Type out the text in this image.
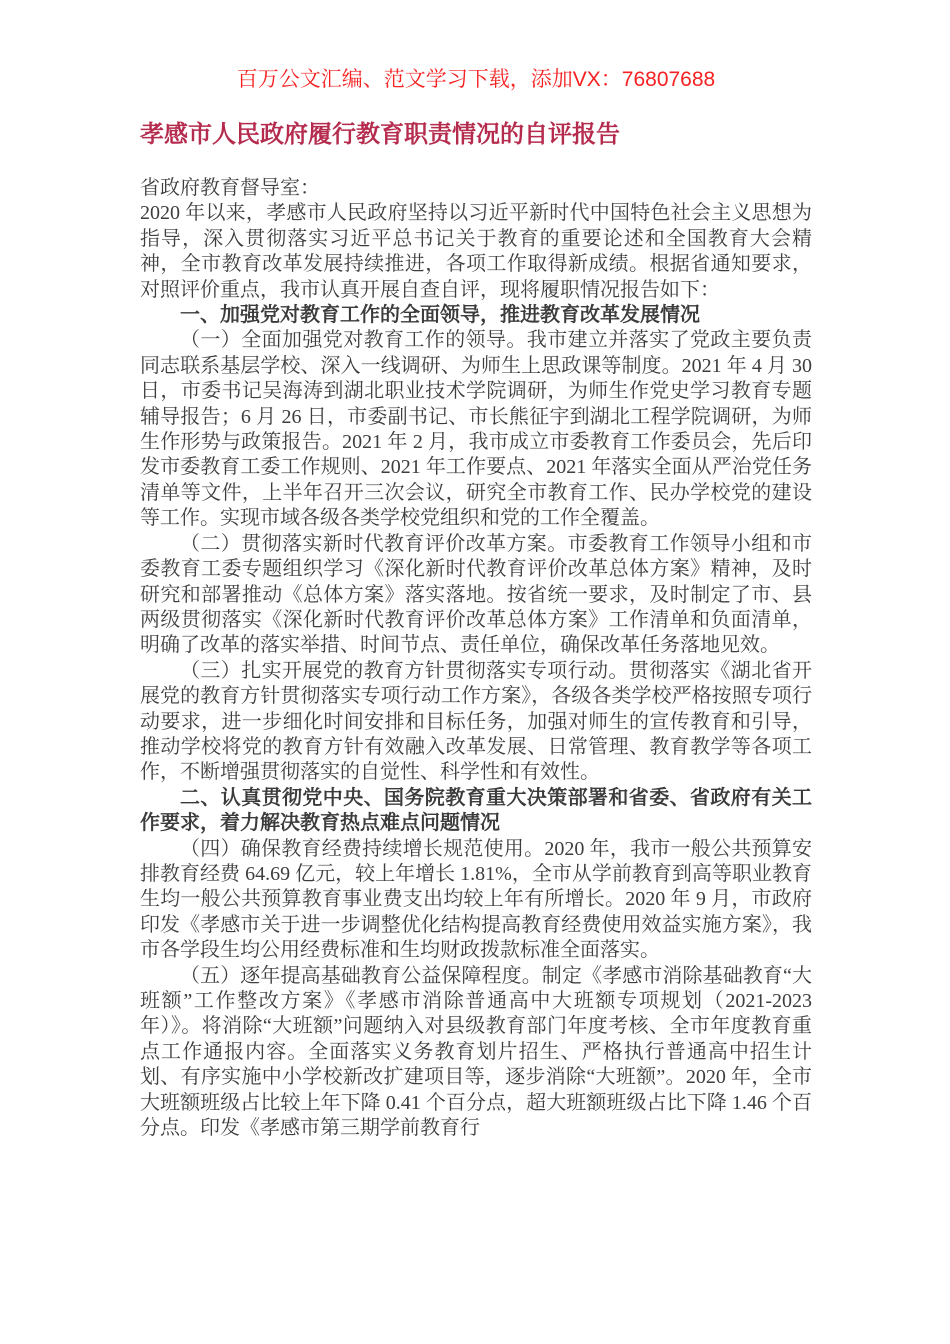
百万公文汇编、范文学习下载，添加VX：76807688
孝感市人民政府履行教育职责情况的自评报告
省政府教育督导室：

2020 年以来，孝感市人民政府坚持以习近平新时代中国特色社会主义思想为指导，深入贯彻落实习近平总书记关于教育的重要论述和全国教育大会精神，全市教育改革发展持续推进，各项工作取得新成绩。根据省通知要求，对照评价重点，我市认真开展自查自评，现将履职情况报告如下：

一、加强党对教育工作的全面领导，推进教育改革发展情况

（一）全面加强党对教育工作的领导。我市建立并落实了党政主要负责同志联系基层学校、深入一线调研、为师生上思政课等制度。2021 年 4 月 30 日，市委书记吴海涛到湖北职业技术学院调研，为师生作党史学习教育专题辅导报告；6 月 26 日，市委副书记、市长熊征宇到湖北工程学院调研，为师生作形势与政策报告。2021 年 2 月，我市成立市委教育工作委员会，先后印发市委教育工委工作规则、2021 年工作要点、2021 年落实全面从严治党任务清单等文件，上半年召开三次会议，研究全市教育工作、民办学校党的建设等工作。实现市域各级各类学校党组织和党的工作全覆盖。

（二）贯彻落实新时代教育评价改革方案。市委教育工作领导小组和市委教育工委专题组织学习《深化新时代教育评价改革总体方案》精神，及时研究和部署推动《总体方案》落实落地。按省统一要求，及时制定了市、县两级贯彻落实《深化新时代教育评价改革总体方案》工作清单和负面清单，明确了改革的落实举措、时间节点、责任单位，确保改革任务落地见效。

（三）扎实开展党的教育方针贯彻落实专项行动。贯彻落实《湖北省开展党的教育方针贯彻落实专项行动工作方案》，各级各类学校严格按照专项行动要求，进一步细化时间安排和目标任务，加强对师生的宣传教育和引导，推动学校将党的教育方针有效融入改革发展、日常管理、教育教学等各项工作，不断增强贯彻落实的自觉性、科学性和有效性。

二、认真贯彻党中央、国务院教育重大决策部署和省委、省政府有关工作要求，着力解决教育热点难点问题情况

（四）确保教育经费持续增长规范使用。2020 年，我市一般公共预算安排教育经费 64.69 亿元，较上年增长 1.81%，全市从学前教育到高等职业教育生均一般公共预算教育事业费支出均较上年有所增长。2020 年 9 月，市政府印发《孝感市关于进一步调整优化结构提高教育经费使用效益实施方案》，我市各学段生均公用经费标准和生均财政拨款标准全面落实。

（五）逐年提高基础教育公益保障程度。制定《孝感市消除基础教育“大班额”工作整改方案》《孝感市消除普通高中大班额专项规划（2021-2023 年）》。将消除“大班额”问题纳入对县级教育部门年度考核、全市年度教育重点工作通报内容。全面落实义务教育划片招生、严格执行普通高中招生计划、有序实施中小学校新改扩建项目等，逐步消除“大班额”。2020 年，全市大班额班级占比较上年下降 0.41 个百分点，超大班额班级占比下降 1.46 个百分点。印发《孝感市第三期学前教育行
